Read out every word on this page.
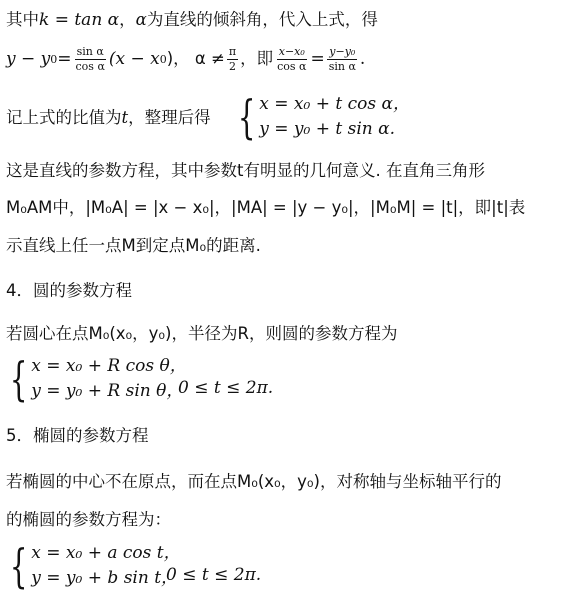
其中k = tan α，α为直线的倾斜角，代入上式，得
y − y $0 = \frac{\text{sin α}}{\text{cos α}} (x - x$ 0 )， $\alpha \ne \frac{\pi}{2}$ ，即 $\frac{\text{x−x₀}}{\text{cos α}} = \frac{\text{y−y₀}}{\text{sin α}}$ .
记上式的比值为t，整理后得 { x = x₀ + t cos α，
y = y₀ + t sin α.
这是直线的参数方程，其中参数t有明显的几何意义. 在直角三角形
M₀AM中，|M₀A| = |x − x₀|，|MA| = |y − y₀|，|M₀M| = |t|，即|t|表
示直线上任一点M到定点M₀的距离.
4．圆的参数方程
若圆心在点M₀(x₀，y₀)，半径为R，则圆的参数方程为
{ x = x₀ + R cos θ，
y = y₀ + R sin θ，
0 ≤ t ≤ 2π.
5．椭圆的参数方程
若椭圆的中心不在原点，而在点M₀(x₀，y₀)，对称轴与坐标轴平行的
的椭圆的参数方程为：
{ x = x₀ + a cos t，
y = y₀ + b sin t，
0 ≤ t ≤ 2π.
